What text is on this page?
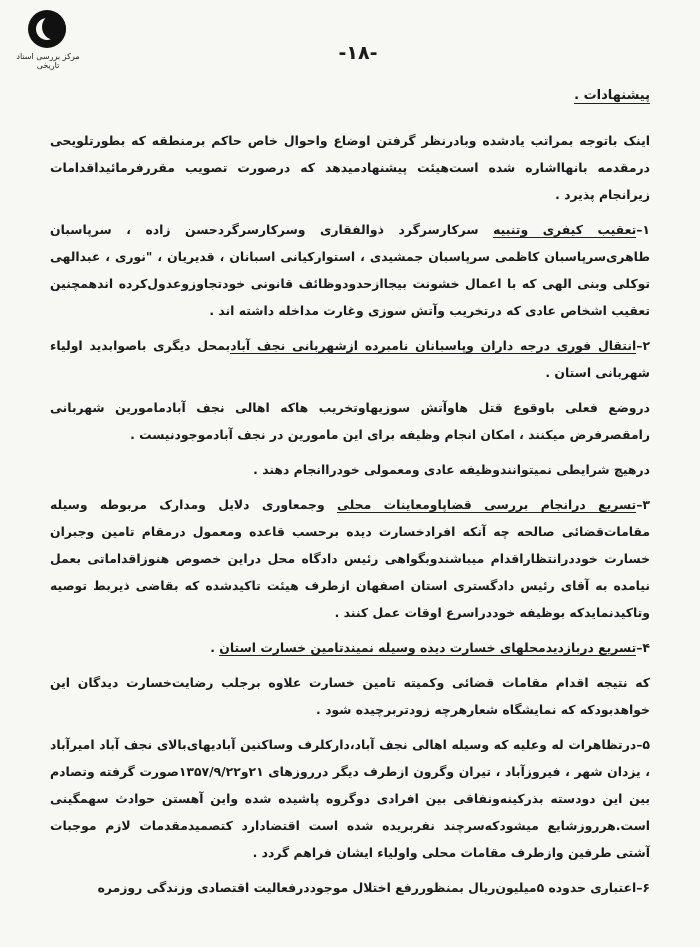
مرکز بررسی اسناد تاریخی
-۱۸-
پیشنهادات .

اینک باتوجه بمراتب یادشده وبادرنظر گرفتن اوضاع واحوال خاص حاکم برمنطقه که بطورتلویحی درمقدمه بانهااشاره شده است‌هیئت پیشنهادمیدهد که درصورت تصویب مقررفرمائیداقدامات زیرانجام پذیرد .

۱–تعقیب کیفری وتنبیه سرکارسرگرد ذوالفقاری وسرکارسرگردحسن زاده ، سرپاسبان طاهری‌سرپاسبان کاظمی سرپاسبان جمشیدی ، استوارکیانی اسبانان ، قدیریان ، "نوری ، عبدالهی توکلی وبنی الهی که با اعمال خشونت بیجاازحدودوظائف قانونی خودتجاوزوعدول‌کرده اندهمچنین تعقیب اشخاص عادی که درتخریب وآتش سوزی وغارت مداخله داشته اند .

۲–انتقال فوری درجه داران وپاسبانان نامبرده ازشهربانی نجف آبادبمحل دیگری باصوابدید اولیاء شهربانی استان .

دروضع فعلی باوقوع قتل هاوآتش سوزیهاوتخریب هاکه اهالی نجف آبادمامورین شهربانی رامقصرفرض میکنند ، امکان انجام وظیفه برای این مامورین در نجف آبادموجودنیست .

درهیچ شرایطی نمیتوانندوظیفه عادی ومعمولی خودراانجام دهند .

۳–تسریع درانجام بررسی قضاپاومعاینات محلی وجمعاوری دلایل ومدارک مربوطه وسیله مقامات‌قضائی صالحه چه آنکه افرادخسارت دیده برحسب قاعده ومعمول درمقام تامین وجبران خسارت خوددرانتظاراقدام میباشندوبگواهی رئیس دادگاه محل دراین خصوص هنوزاقداماتی بعمل نیامده به آقای رئیس دادگستری استان اصفهان ازطرف هیئت تاکیدشده که بقاضی ذیربط توصیه وتاکیدنمایدکه بوظیفه خوددراسرع اوقات عمل کنند .

۴–تسریع دربازدیدمحلهای خسارت دیده وسیله نمیندتامین خسارت استان .

که نتیجه اقدام مقامات قضائی وکمیته تامین خسارت علاوه برجلب رضایت‌خسارت دیدگان این خواهدبودکه که نمایشگاه شعارهرچه زودتربرچیده شود .

۵–درتظاهرات له وعلیه که وسیله اهالی نجف آباد،دارکلرف وساکنین آبادیهای‌بالای نجف آباد امیرآباد ، یزدان شهر ، فیروزآباد ، تیران وگرون ازطرف دیگر درروزهای ۲۱و۱۳۵۷/۹/۲۲صورت گرفته وتصادم بین این دودسته بذرکینه‌ونفاقی بین افرادی دوگروه پاشیده شده واین آهستن حوادث سهمگینی است.هرروزشایع میشودکه‌سرچند نفربریده شده است اقتضادارد کتصمیدمقدمات لازم موجبات آشتی طرفین وازطرف مقامات محلی واولیاء ایشان فراهم گردد .

۶–اعتباری حدوده ۵میلیون‌ریال بمنظوررفع اختلال موجوددرفعالیت اقتصادی وزندگی روزمره
